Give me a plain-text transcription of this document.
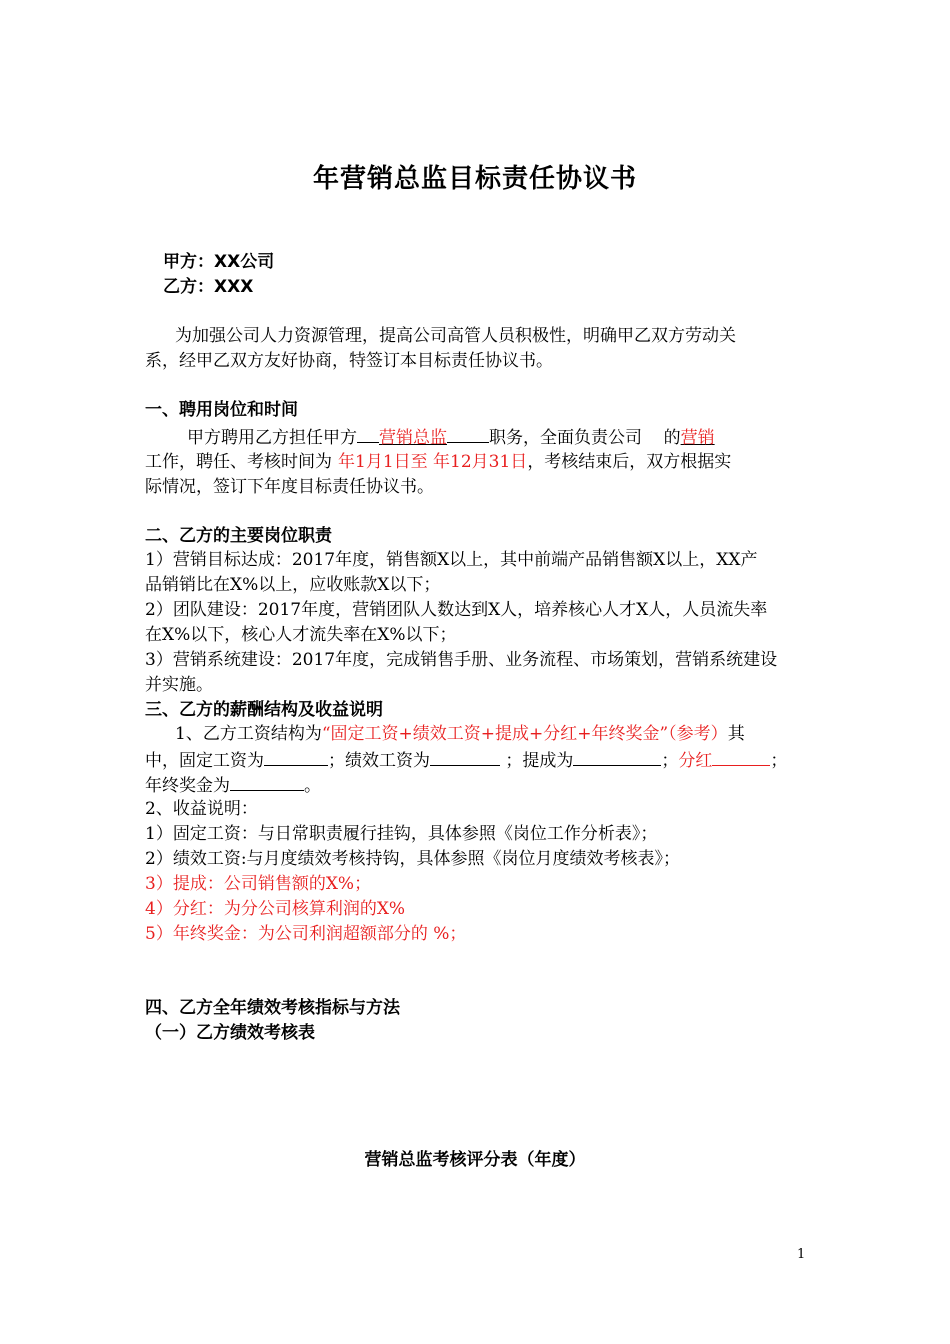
年营销总监目标责任协议书
甲方：XX公司
乙方：XXX
为加强公司人力资源管理，提高公司高管人员积极性，明确甲乙双方劳动关
系，经甲乙双方友好协商，特签订本目标责任协议书。
一、聘用岗位和时间
甲方聘用乙方担任甲方 营销总监 职务，全面负责公司 的营销
工作，聘任、考核时间为 年1月1日至 年12月31日，考核结束后，双方根据实
际情况，签订下年度目标责任协议书。
二、乙方的主要岗位职责
1）营销目标达成：2017年度，销售额X以上，其中前端产品销售额X以上，XX产
品销销比在X%以上，应收账款X以下；
2）团队建设：2017年度，营销团队人数达到X人，培养核心人才X人，人员流失率
在X%以下，核心人才流失率在X%以下；
3）营销系统建设：2017年度，完成销售手册、业务流程、市场策划，营销系统建设
并实施。
三、乙方的薪酬结构及收益说明
1、乙方工资结构为“固定工资+绩效工资+提成+分红+年终奖金”（参考）其
中，固定工资为	；绩效工资为	；提成为	；分红	；
年终奖金为	。
2、收益说明：
1）固定工资：与日常职责履行挂钩，具体参照《岗位工作分析表》；
2）绩效工资:与月度绩效考核持钩，具体参照《岗位月度绩效考核表》；
3）提成：公司销售额的X%；
4）分红：为分公司核算利润的X%
5）年终奖金：为公司利润超额部分的 %；
四、乙方全年绩效考核指标与方法
（一）乙方绩效考核表
营销总监考核评分表（年度）
1
